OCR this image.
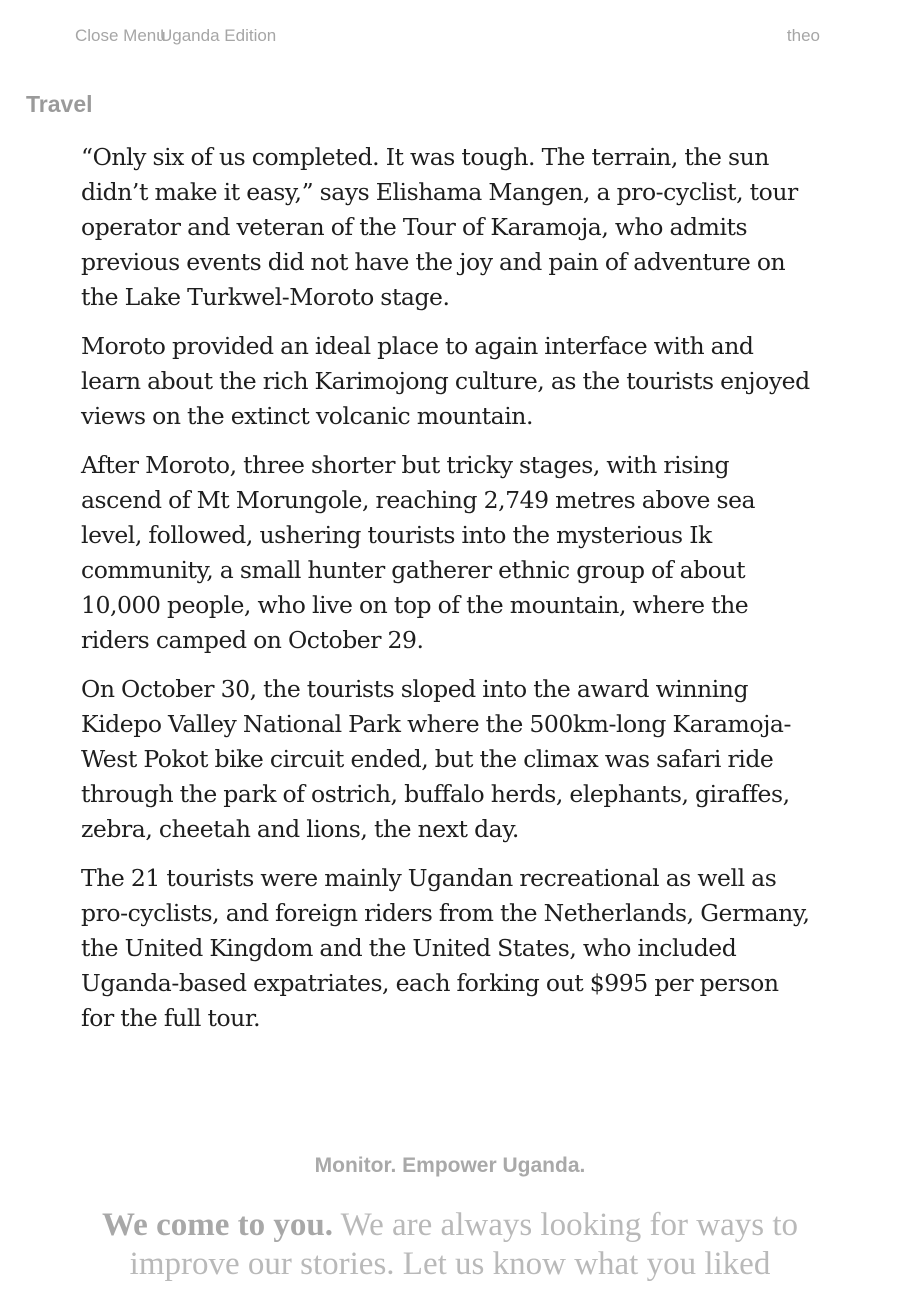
Close Menu
Uganda Edition	theo
Travel

“Only six of us completed. It was tough. The terrain, the sun didn’t make it easy,” says Elishama Mangen, a pro-cyclist, tour operator and veteran of the Tour of Karamoja, who admits previous events did not have the joy and pain of adventure on the Lake Turkwel-Moroto stage.

Moroto provided an ideal place to again interface with and learn about the rich Karimojong culture, as the tourists enjoyed views on the extinct volcanic mountain.

After Moroto, three shorter but tricky stages, with rising ascend of Mt Morungole, reaching 2,749 metres above sea level, followed, ushering tourists into the mysterious Ik community, a small hunter gatherer ethnic group of about 10,000 people, who live on top of the mountain, where the riders camped on October 29.

On October 30, the tourists sloped into the award winning Kidepo Valley National Park where the 500km-long Karamoja-West Pokot bike circuit ended, but the climax was safari ride through the park of ostrich, buffalo herds, elephants, giraffes, zebra, cheetah and lions, the next day.

The 21 tourists were mainly Ugandan recreational as well as pro-cyclists, and foreign riders from the Netherlands, Germany, the United Kingdom and the United States, who included Uganda-based expatriates, each forking out $995 per person for the full tour.

Monitor. Empower Uganda.
We come to you. We are always looking for ways to improve our stories. Let us know what you liked
